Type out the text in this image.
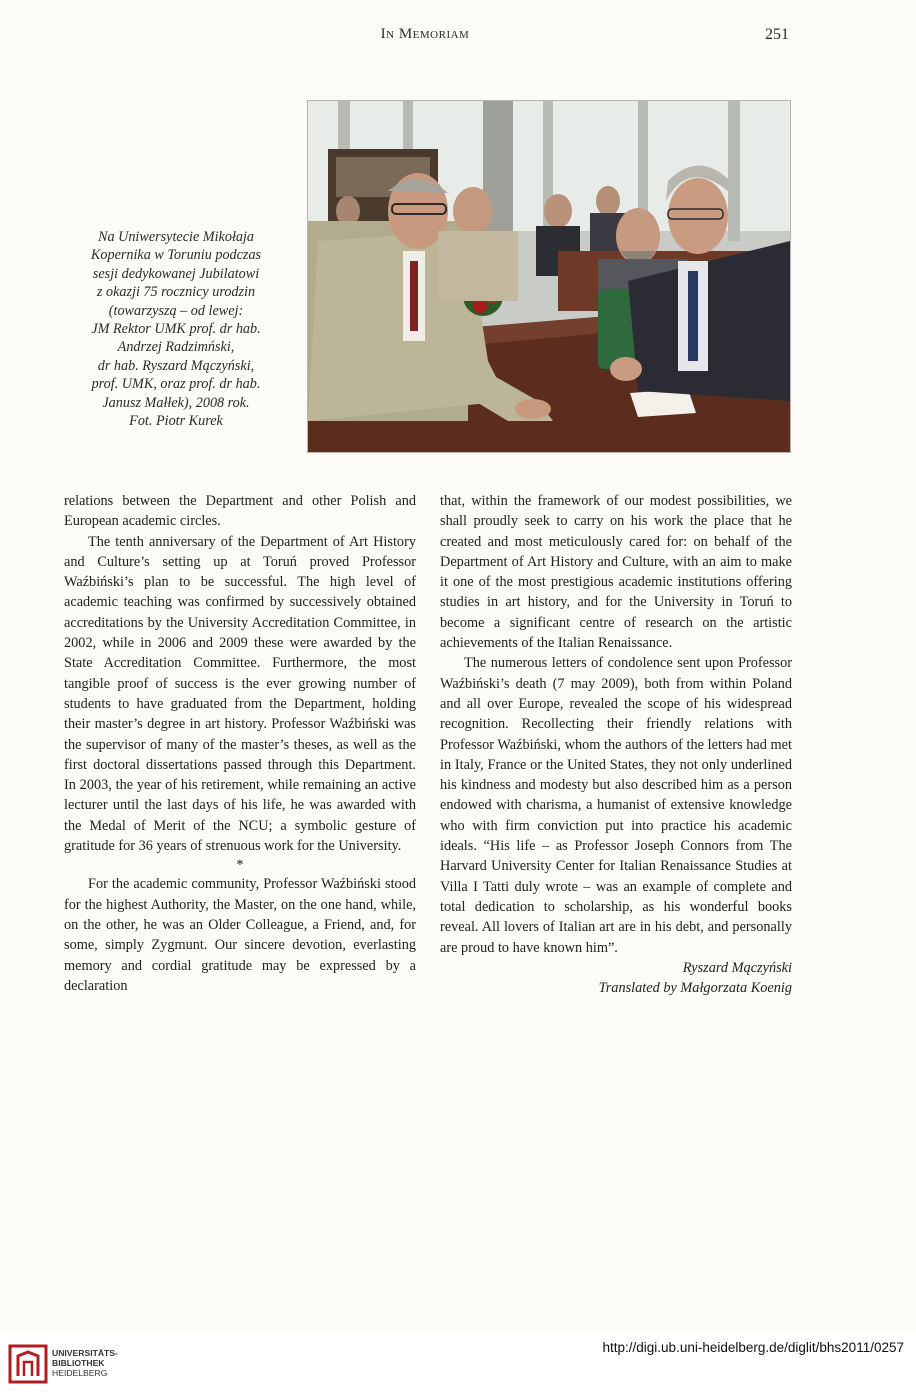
In Memoriam	251
Na Uniwersytecie Mikołaja
Kopernika w Toruniu podczas
sesji dedykowanej Jubilatowi
z okazji 75 rocznicy urodzin
(towarzyszą – od lewej:
JM Rektor UMK prof. dr hab.
Andrzej Radzimński,
dr hab. Ryszard Mączyński,
prof. UMK, oraz prof. dr hab.
Janusz Małłek), 2008 rok.
Fot. Piotr Kurek

relations between the Department and other Polish and European academic circles.

The tenth anniversary of the Department of Art History and Culture’s setting up at Toruń proved Professor Waźbiński’s plan to be successful. The high level of academic teaching was confirmed by successively obtained accreditations by the University Accreditation Committee, in 2002, while in 2006 and 2009 these were awarded by the State Accreditation Committee. Furthermore, the most tangible proof of success is the ever growing number of students to have graduated from the Department, holding their master’s degree in art history. Professor Waźbiński was the supervisor of many of the master’s theses, as well as the first doctoral dissertations passed through this Department. In 2003, the year of his retirement, while remaining an active lecturer until the last days of his life, he was awarded with the Medal of Merit of the NCU; a symbolic gesture of gratitude for 36 years of strenuous work for the University.

*

For the academic community, Professor Waźbiński stood for the highest Authority, the Master, on the one hand, while, on the other, he was an Older Colleague, a Friend, and, for some, simply Zygmunt. Our sincere devotion, everlasting memory and cordial gratitude may be expressed by a declaration

that, within the framework of our modest possibilities, we shall proudly seek to carry on his work the place that he created and most meticulously cared for: on behalf of the Department of Art History and Culture, with an aim to make it one of the most prestigious academic institutions offering studies in art history, and for the University in Toruń to become a significant centre of research on the artistic achievements of the Italian Renaissance.

The numerous letters of condolence sent upon Professor Waźbiński’s death (7 may 2009), both from within Poland and all over Europe, revealed the scope of his widespread recognition. Recollecting their friendly relations with Professor Waźbiński, whom the authors of the letters had met in Italy, France or the United States, they not only underlined his kindness and modesty but also described him as a person endowed with charisma, a humanist of extensive knowledge who with firm conviction put into practice his academic ideals. “His life – as Professor Joseph Connors from The Harvard University Center for Italian Renaissance Studies at Villa I Tatti duly wrote – was an example of complete and total dedication to scholarship, as his wonderful books reveal. All lovers of Italian art are in his debt, and personally are proud to have known him”.

Ryszard Mączyński

Translated by Małgorzata Koenig

UNIVERSITÄTS-
BIBLIOTHEK
HEIDELBERG
http://digi.ub.uni-heidelberg.de/diglit/bhs2011/0257
